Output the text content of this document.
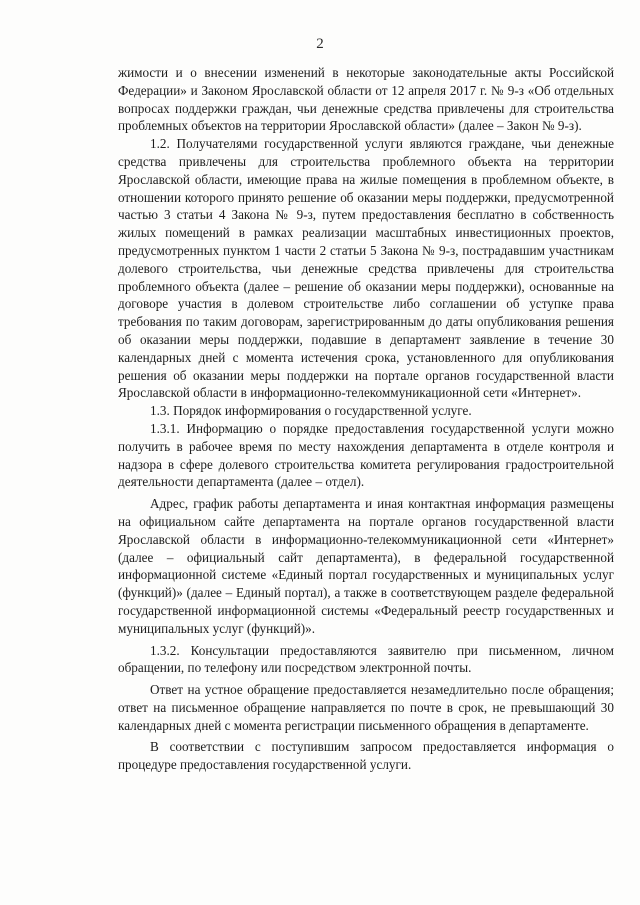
2

жимости и о внесении изменений в некоторые законодательные акты Российской Федерации» и Законом Ярославской области от 12 апреля 2017 г. № 9-з «Об отдельных вопросах поддержки граждан, чьи денежные средства привлечены для строительства проблемных объектов на территории Ярославской области» (далее – Закон № 9-з).

1.2. Получателями государственной услуги являются граждане, чьи денежные средства привлечены для строительства проблемного объекта на территории Ярославской области, имеющие права на жилые помещения в проблемном объекте, в отношении которого принято решение об оказании меры поддержки, предусмотренной частью 3 статьи 4 Закона № 9-з, путем предоставления бесплатно в собственность жилых помещений в рамках реализации масштабных инвестиционных проектов, предусмотренных пунктом 1 части 2 статьи 5 Закона № 9-з, пострадавшим участникам долевого строительства, чьи денежные средства привлечены для строительства проблемного объекта (далее – решение об оказании меры поддержки), основанные на договоре участия в долевом строительстве либо соглашении об уступке права требования по таким договорам, зарегистрированным до даты опубликования решения об оказании меры поддержки, подавшие в департамент заявление в течение 30 календарных дней с момента истечения срока, установленного для опубликования решения об оказании меры поддержки на портале органов государственной власти Ярославской области в информационно-телекоммуникационной сети «Интернет».

1.3. Порядок информирования о государственной услуге.

1.3.1. Информацию о порядке предоставления государственной услуги можно получить в рабочее время по месту нахождения департамента в отделе контроля и надзора в сфере долевого строительства комитета регулирования градостроительной деятельности департамента (далее – отдел).

Адрес, график работы департамента и иная контактная информация размещены на официальном сайте департамента на портале органов государственной власти Ярославской области в информационно-телекоммуникационной сети «Интернет» (далее – официальный сайт департамента), в федеральной государственной информационной системе «Единый портал государственных и муниципальных услуг (функций)» (далее – Единый портал), а также в соответствующем разделе федеральной государственной информационной системы «Федеральный реестр государственных и муниципальных услуг (функций)».

1.3.2. Консультации предоставляются заявителю при письменном, личном обращении, по телефону или посредством электронной почты.

Ответ на устное обращение предоставляется незамедлительно после обращения; ответ на письменное обращение направляется по почте в срок, не превышающий 30 календарных дней с момента регистрации письменного обращения в департаменте.

В соответствии с поступившим запросом предоставляется информация о процедуре предоставления государственной услуги.
